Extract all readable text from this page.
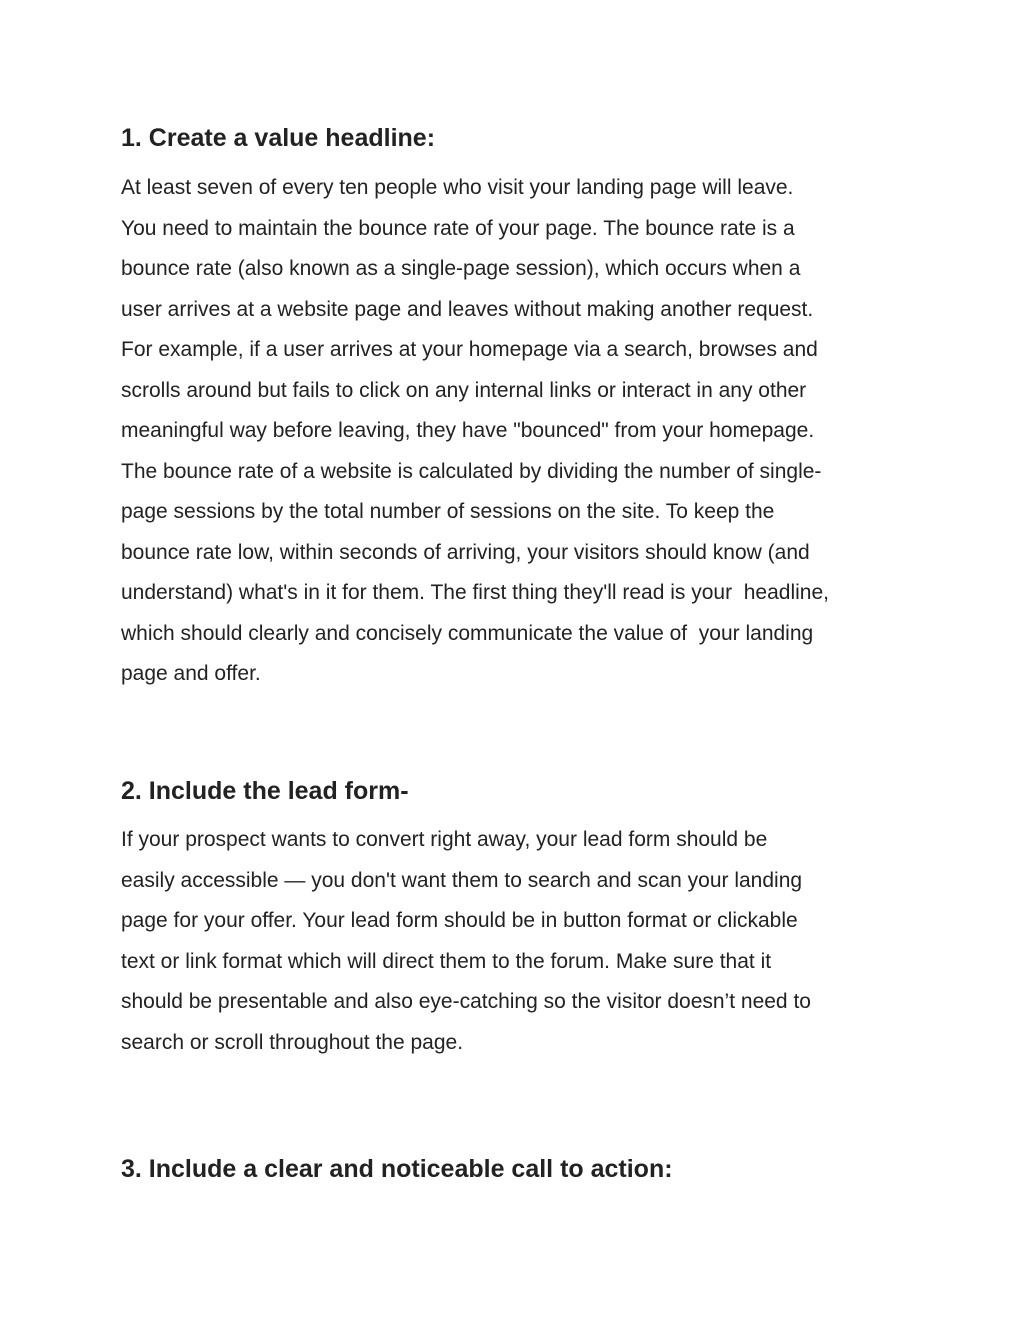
1. Create a value headline:
At least seven of every ten people who visit your landing page will leave.
You need to maintain the bounce rate of your page. The bounce rate is a
bounce rate (also known as a single-page session), which occurs when a
user arrives at a website page and leaves without making another request.
For example, if a user arrives at your homepage via a search, browses and
scrolls around but fails to click on any internal links or interact in any other
meaningful way before leaving, they have "bounced" from your homepage.
The bounce rate of a website is calculated by dividing the number of single-
page sessions by the total number of sessions on the site. To keep the
bounce rate low, within seconds of arriving, your visitors should know (and
understand) what's in it for them. The first thing they'll read is your  headline,
which should clearly and concisely communicate the value of  your landing
page and offer.
2. Include the lead form-
If your prospect wants to convert right away, your lead form should be
easily accessible — you don't want them to search and scan your landing
page for your offer. Your lead form should be in button format or clickable
text or link format which will direct them to the forum. Make sure that it
should be presentable and also eye-catching so the visitor doesn’t need to
search or scroll throughout the page.
3. Include a clear and noticeable call to action:
